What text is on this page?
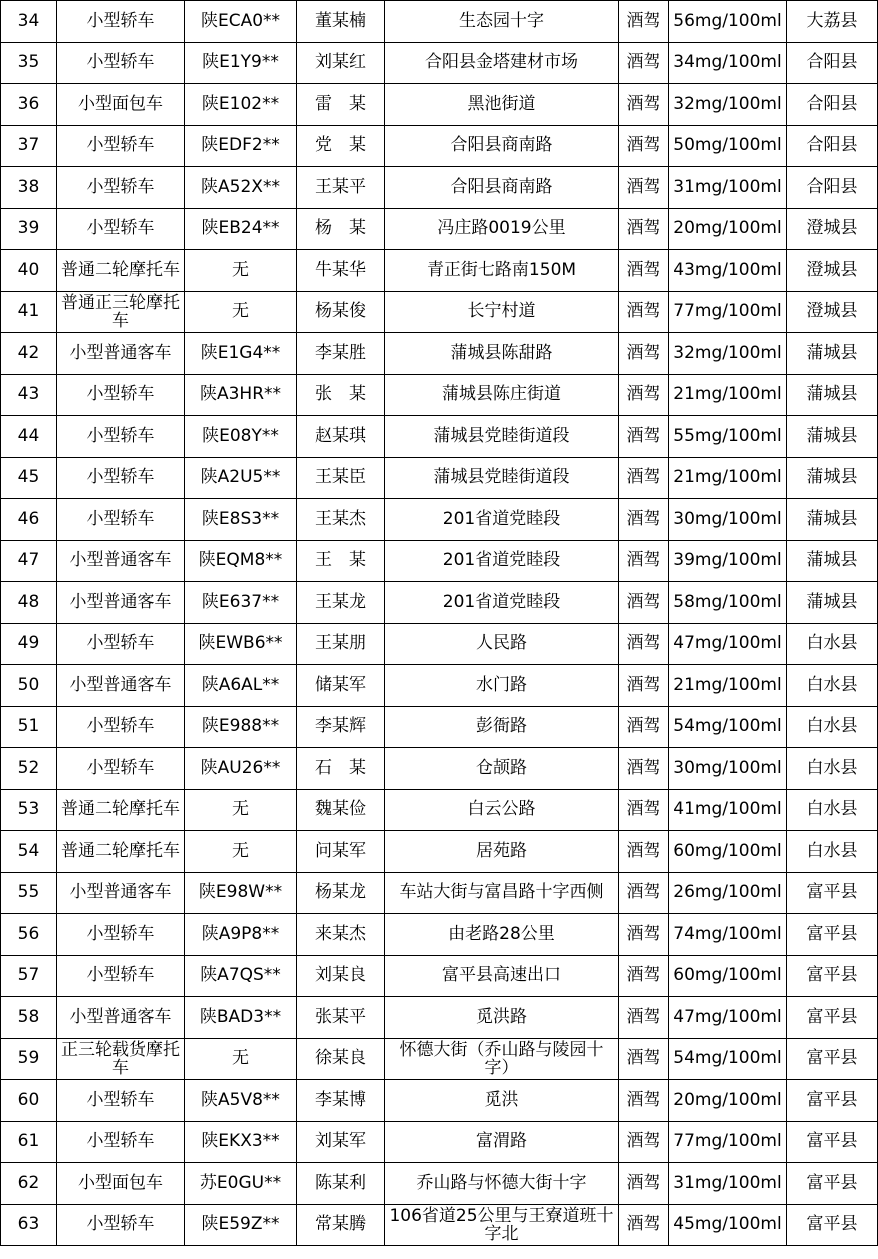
34	小型轿车	陕ECA0**	董某楠	生态园十字	酒驾	56mg/100ml	大荔县
35	小型轿车	陕E1Y9**	刘某红	合阳县金塔建材市场	酒驾	34mg/100ml	合阳县
36	小型面包车	陕E102**	雷　某	黑池街道	酒驾	32mg/100ml	合阳县
37	小型轿车	陕EDF2**	党　某	合阳县商南路	酒驾	50mg/100ml	合阳县
38	小型轿车	陕A52X**	王某平	合阳县商南路	酒驾	31mg/100ml	合阳县
39	小型轿车	陕EB24**	杨　某	冯庄路0019公里	酒驾	20mg/100ml	澄城县
40	普通二轮摩托车	无	牛某华	青正街七路南150M	酒驾	43mg/100ml	澄城县
41	普通正三轮摩托车	无	杨某俊	长宁村道	酒驾	77mg/100ml	澄城县
42	小型普通客车	陕E1G4**	李某胜	蒲城县陈甜路	酒驾	32mg/100ml	蒲城县
43	小型轿车	陕A3HR**	张　某	蒲城县陈庄街道	酒驾	21mg/100ml	蒲城县
44	小型轿车	陕E08Y**	赵某琪	蒲城县党睦街道段	酒驾	55mg/100ml	蒲城县
45	小型轿车	陕A2U5**	王某臣	蒲城县党睦街道段	酒驾	21mg/100ml	蒲城县
46	小型轿车	陕E8S3**	王某杰	201省道党睦段	酒驾	30mg/100ml	蒲城县
47	小型普通客车	陕EQM8**	王　某	201省道党睦段	酒驾	39mg/100ml	蒲城县
48	小型普通客车	陕E637**	王某龙	201省道党睦段	酒驾	58mg/100ml	蒲城县
49	小型轿车	陕EWB6**	王某朋	人民路	酒驾	47mg/100ml	白水县
50	小型普通客车	陕A6AL**	储某军	水门路	酒驾	21mg/100ml	白水县
51	小型轿车	陕E988**	李某辉	彭衙路	酒驾	54mg/100ml	白水县
52	小型轿车	陕AU26**	石　某	仓颉路	酒驾	30mg/100ml	白水县
53	普通二轮摩托车	无	魏某俭	白云公路	酒驾	41mg/100ml	白水县
54	普通二轮摩托车	无	问某军	居苑路	酒驾	60mg/100ml	白水县
55	小型普通客车	陕E98W**	杨某龙	车站大街与富昌路十字西侧	酒驾	26mg/100ml	富平县
56	小型轿车	陕A9P8**	来某杰	由老路28公里	酒驾	74mg/100ml	富平县
57	小型轿车	陕A7QS**	刘某良	富平县高速出口	酒驾	60mg/100ml	富平县
58	小型普通客车	陕BAD3**	张某平	觅洪路	酒驾	47mg/100ml	富平县
59	正三轮载货摩托车	无	徐某良	怀德大街（乔山路与陵园十字）	酒驾	54mg/100ml	富平县
60	小型轿车	陕A5V8**	李某博	觅洪	酒驾	20mg/100ml	富平县
61	小型轿车	陕EKX3**	刘某军	富渭路	酒驾	77mg/100ml	富平县
62	小型面包车	苏E0GU**	陈某利	乔山路与怀德大街十字	酒驾	31mg/100ml	富平县
63	小型轿车	陕E59Z**	常某腾	106省道25公里与王寮道班十字北	酒驾	45mg/100ml	富平县
